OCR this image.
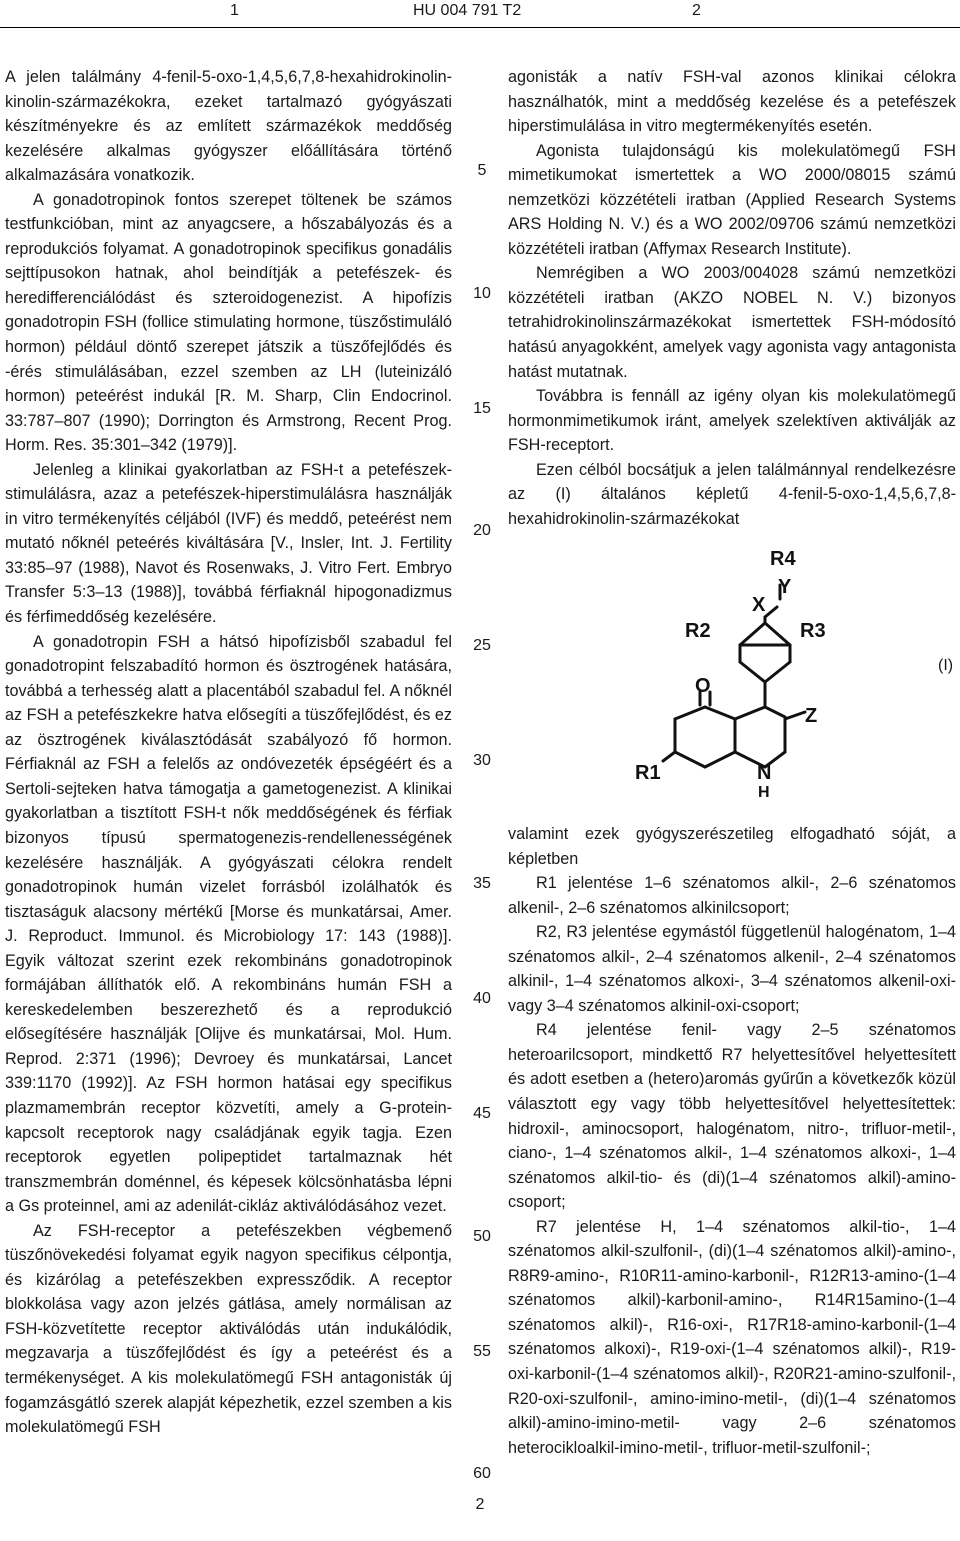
1	HU 004 791 T2	2

A jelen találmány 4-fenil-5-oxo-1,4,5,6,7,8-hexahidrokinolin-kinolin-származékokra, ezeket tartalmazó gyógyászati készítményekre és az említett származékok meddőség kezelésére alkalmas gyógyszer előállítására történő alkalmazására vonatkozik.

A gonadotropinok fontos szerepet töltenek be számos testfunkcióban, mint az anyagcsere, a hőszabályozás és a reprodukciós folyamat. A gonadotropinok specifikus gonadális sejttípusokon hatnak, ahol beindítják a petefészek- és heredifferenciálódást és szteroidogenezist. A hipofízis gonadotropin FSH (follice stimulating hormone, tüszőstimuláló hormon) például döntő szerepet játszik a tüszőfejlődés és -érés stimulálásában, ezzel szemben az LH (luteinizáló hormon) peteérést indukál [R. M. Sharp, Clin Endocrinol. 33:787–807 (1990); Dorrington és Armstrong, Recent Prog. Horm. Res. 35:301–342 (1979)].

Jelenleg a klinikai gyakorlatban az FSH-t a petefészek-stimulálásra, azaz a petefészek-hiperstimulálásra használják in vitro termékenyítés céljából (IVF) és meddő, peteérést nem mutató nőknél peteérés kiváltására [V., Insler, Int. J. Fertility 33:85–97 (1988), Navot és Rosenwaks, J. Vitro Fert. Embryo Transfer 5:3–13 (1988)], továbbá férfiaknál hipogonadizmus és férfimeddőség kezelésére.

A gonadotropin FSH a hátsó hipofízisből szabadul fel gonadotropint felszabadító hormon és ösztrogének hatására, továbbá a terhesség alatt a placentából szabadul fel. A nőknél az FSH a petefészkekre hatva elősegíti a tüszőfejlődést, és ez az ösztrogének kiválasztódását szabályozó fő hormon. Férfiaknál az FSH a felelős az ondóvezeték épségéért és a Sertoli-sejteken hatva támogatja a gametogenezist. A klinikai gyakorlatban a tisztított FSH-t nők meddőségének és férfiak bizonyos típusú spermatogenezis-rendellenességének kezelésére használják. A gyógyászati célokra rendelt gonadotropinok humán vizelet forrásból izolálhatók és tisztaságuk alacsony mértékű [Morse és munkatársai, Amer. J. Reproduct. Immunol. és Microbiology 17: 143 (1988)]. Egyik változat szerint ezek rekombináns gonadotropinok formájában állíthatók elő. A rekombináns humán FSH a kereskedelemben beszerezhető és a reprodukció elősegítésére használják [Olijve és munkatársai, Mol. Hum. Reprod. 2:371 (1996); Devroey és munkatársai, Lancet 339:1170 (1992)]. Az FSH hormon hatásai egy specifikus plazmamembrán receptor közvetíti, amely a G-protein-kapcsolt receptorok nagy családjának egyik tagja. Ezen receptorok egyetlen polipeptidet tartalmaznak hét transzmembrán doménnel, és képesek kölcsönhatásba lépni a Gs proteinnel, ami az adenilát-cikláz aktiválódásához vezet.

Az FSH-receptor a petefészekben végbemenő tüszőnövekedési folyamat egyik nagyon specifikus célpontja, és kizárólag a petefészekben expressződik. A receptor blokkolása vagy azon jelzés gátlása, amely normálisan az FSH-közvetítette receptor aktiválódás után indukálódik, megzavarja a tüszőfejlődést és így a peteérést és a termékenységet. A kis molekulatömegű FSH antagonisták új fogamzásgátló szerek alapját képezhetik, ezzel szemben a kis molekulatömegű FSH

5
10
15
20
25
30
35
40
45
50
55
60

agonisták a natív FSH-val azonos klinikai célokra használhatók, mint a meddőség kezelése és a petefészek hiperstimulálása in vitro megtermékenyítés esetén.

Agonista tulajdonságú kis molekulatömegű FSH mimetikumokat ismertettek a WO 2000/08015 számú nemzetközi közzétételi iratban (Applied Research Systems ARS Holding N. V.) és a WO 2002/09706 számú nemzetközi közzétételi iratban (Affymax Research Institute).

Nemrégiben a WO 2003/004028 számú nemzetközi közzétételi iratban (AKZO NOBEL N. V.) bizonyos tetrahidrokinolinszármazékokat ismertettek FSH-módosító hatású anyagokként, amelyek vagy agonista vagy antagonista hatást mutatnak.

Továbbra is fennáll az igény olyan kis molekulatömegű hormonmimetikumok iránt, amelyek szelektíven aktiválják az FSH-receptort.

Ezen célból bocsátjuk a jelen találmánnyal rendelkezésre az (I) általános képletű 4-fenil-5-oxo-1,4,5,6,7,8-hexahidrokinolin-származékokat

R4
Y
X
R2	R3
O
Z
N
H
R1
(I)

valamint ezek gyógyszerészetileg elfogadható sóját, a képletben

R1 jelentése 1–6 szénatomos alkil-, 2–6 szénatomos alkenil-, 2–6 szénatomos alkinilcsoport;

R2, R3 jelentése egymástól függetlenül halogénatom, 1–4 szénatomos alkil-, 2–4 szénatomos alkenil-, 2–4 szénatomos alkinil-, 1–4 szénatomos alkoxi-, 3–4 szénatomos alkenil-oxi- vagy 3–4 szénatomos alkinil-oxi-csoport;

R4 jelentése fenil- vagy 2–5 szénatomos heteroarilcsoport, mindkettő R7 helyettesítővel helyettesített és adott esetben a (hetero)aromás gyűrűn a következők közül választott egy vagy több helyettesítővel helyettesítettek: hidroxil-, aminocsoport, halogénatom, nitro-, trifluor-metil-, ciano-, 1–4 szénatomos alkil-, 1–4 szénatomos alkoxi-, 1–4 szénatomos alkil-tio- és (di)(1–4 szénatomos alkil)-amino-csoport;

R7 jelentése H, 1–4 szénatomos alkil-tio-, 1–4 szénatomos alkil-szulfonil-, (di)(1–4 szénatomos alkil)-amino-, R8R9-amino-, R10R11-amino-karbonil-, R12R13-amino-(1–4 szénatomos alkil)-karbonil-amino-, R14R15amino-(1–4 szénatomos alkil)-, R16-oxi-, R17R18-amino-karbonil-(1–4 szénatomos alkoxi)-, R19-oxi-(1–4 szénatomos alkil)-, R19-oxi-karbonil-(1–4 szénatomos alkil)-, R20R21-amino-szulfonil-, R20-oxi-szulfonil-, amino-imino-metil-, (di)(1–4 szénatomos alkil)-amino-imino-metil- vagy 2–6 szénatomos heterocikloalkil-imino-metil-, trifluor-metil-szulfonil-;

2
